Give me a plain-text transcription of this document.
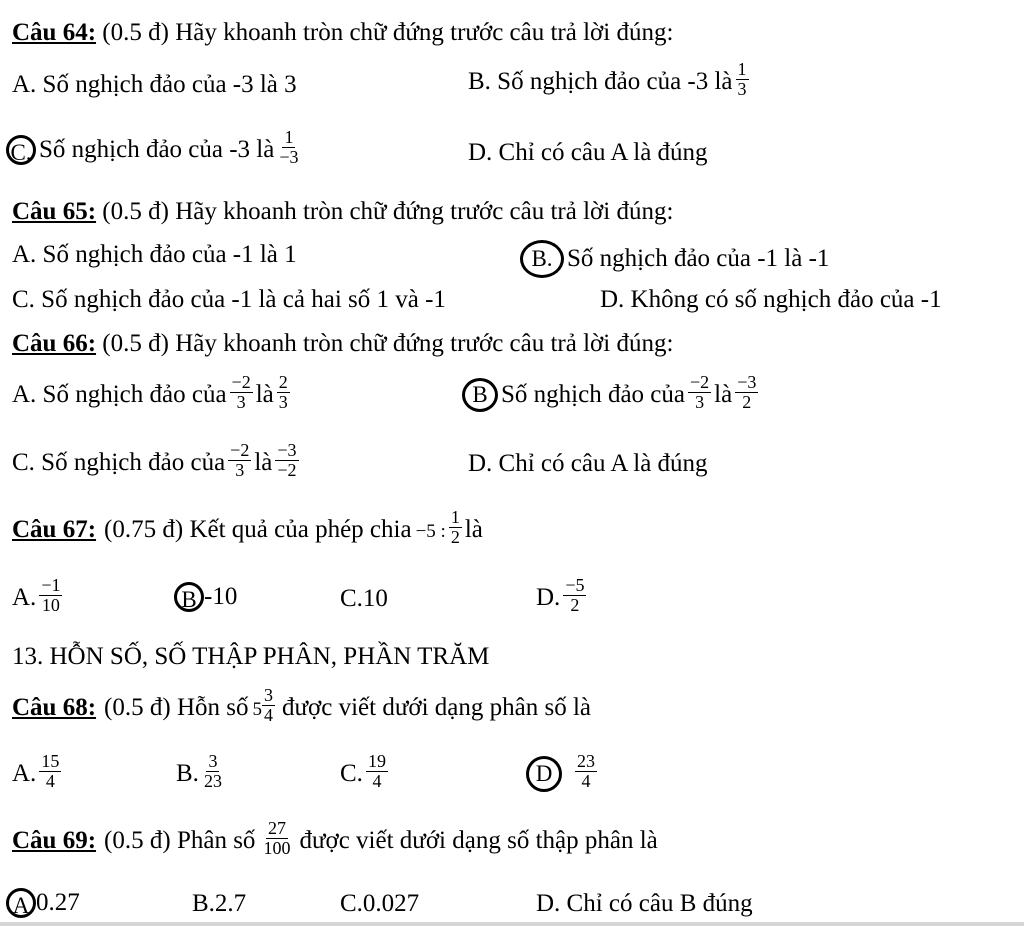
Câu 64: (0.5 đ) Hãy khoanh tròn chữ đứng trước câu trả lời đúng:
A. Số nghịch đảo của -3 là 3	B. Số nghịch đảo của -3 là $\frac{1}{3}$
C. Số nghịch đảo của -3 là $\frac{1}{-3}$	D. Chỉ có câu A là đúng
Câu 65: (0.5 đ) Hãy khoanh tròn chữ đứng trước câu trả lời đúng:
A. Số nghịch đảo của -1 là 1	B. Số nghịch đảo của -1 là -1
C. Số nghịch đảo của -1 là cả hai số 1 và -1	D. Không có số nghịch đảo của -1
Câu 66: (0.5 đ) Hãy khoanh tròn chữ đứng trước câu trả lời đúng:
A. Số nghịch đảo của $\frac{-2}{3}$ là $\frac{2}{3}$	B Số nghịch đảo của $\frac{-2}{3}$ là $\frac{-3}{2}$
C. Số nghịch đảo của $\frac{-2}{3}$ là $\frac{-3}{-2}$	D. Chỉ có câu A là đúng
Câu 67: (0.75 đ) Kết quả của phép chia −5 : $\frac{1}{2}$ là
A. $\frac{-1}{10}$	B -10	C.10	D. $\frac{-5}{2}$
13. HỖN SỐ, SỐ THẬP PHÂN, PHẦN TRĂM
Câu 68: (0.5 đ) Hỗn số $5 \frac{3}{4}$ được viết dưới dạng phân số là
A. $\frac{15}{4}$	B. $\frac{3}{23}$	C. $\frac{19}{4}$	D	$\frac{23}{4}$
Câu 69: (0.5 đ) Phân số $\frac{27}{100}$ được viết dưới dạng số thập phân là
A 0.27	B.2.7	C.0.027	D. Chỉ có câu B đúng
